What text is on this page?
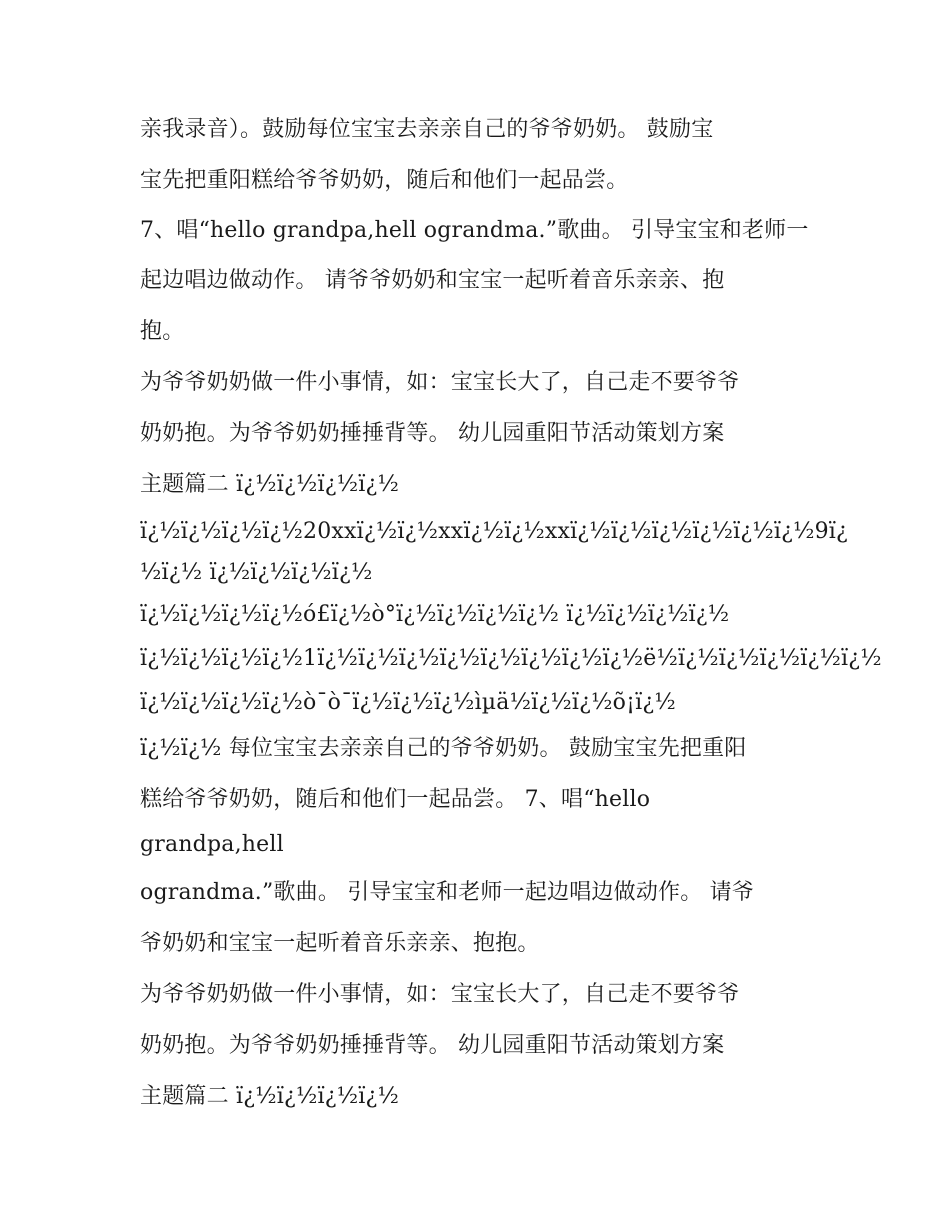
亲我录音）。鼓励每位宝宝去亲亲自己的爷爷奶奶。 鼓励宝
宝先把重阳糕给爷爷奶奶，随后和他们一起品尝。
7、唱“hello grandpa,hell ograndma.”歌曲。 引导宝宝和老师一
起边唱边做动作。 请爷爷奶奶和宝宝一起听着音乐亲亲、抱
抱。
为爷爷奶奶做一件小事情，如：宝宝长大了，自己走不要爷爷
奶奶抱。为爷爷奶奶捶捶背等。 幼儿园重阳节活动策划方案
主题篇二 ï¿½ï¿½ï¿½ï¿½
ï¿½ï¿½ï¿½ï¿½20xxï¿½ï¿½xxï¿½ï¿½xxï¿½ï¿½ï¿½ï¿½ï¿½ï¿½9ï¿
½ï¿½ ï¿½ï¿½ï¿½ï¿½
ï¿½ï¿½ï¿½ï¿½ó£ï¿½ò°ï¿½ï¿½ï¿½ï¿½ ï¿½ï¿½ï¿½ï¿½
ï¿½ï¿½ï¿½ï¿½1ï¿½ï¿½ï¿½ï¿½ï¿½ï¿½ï¿½ï¿½ë½ï¿½ï¿½ï¿½ï¿½ï¿½
ï¿½ï¿½ï¿½ï¿½ò¯ò¯ï¿½ï¿½ï¿½ìµä½ï¿½ï¿½õ¡ï¿½
ï¿½ï¿½ 每位宝宝去亲亲自己的爷爷奶奶。 鼓励宝宝先把重阳
糕给爷爷奶奶，随后和他们一起品尝。 7、唱“hello
grandpa,hell
ograndma.”歌曲。 引导宝宝和老师一起边唱边做动作。 请爷
爷奶奶和宝宝一起听着音乐亲亲、抱抱。
为爷爷奶奶做一件小事情，如：宝宝长大了，自己走不要爷爷
奶奶抱。为爷爷奶奶捶捶背等。 幼儿园重阳节活动策划方案
主题篇二 ï¿½ï¿½ï¿½ï¿½
